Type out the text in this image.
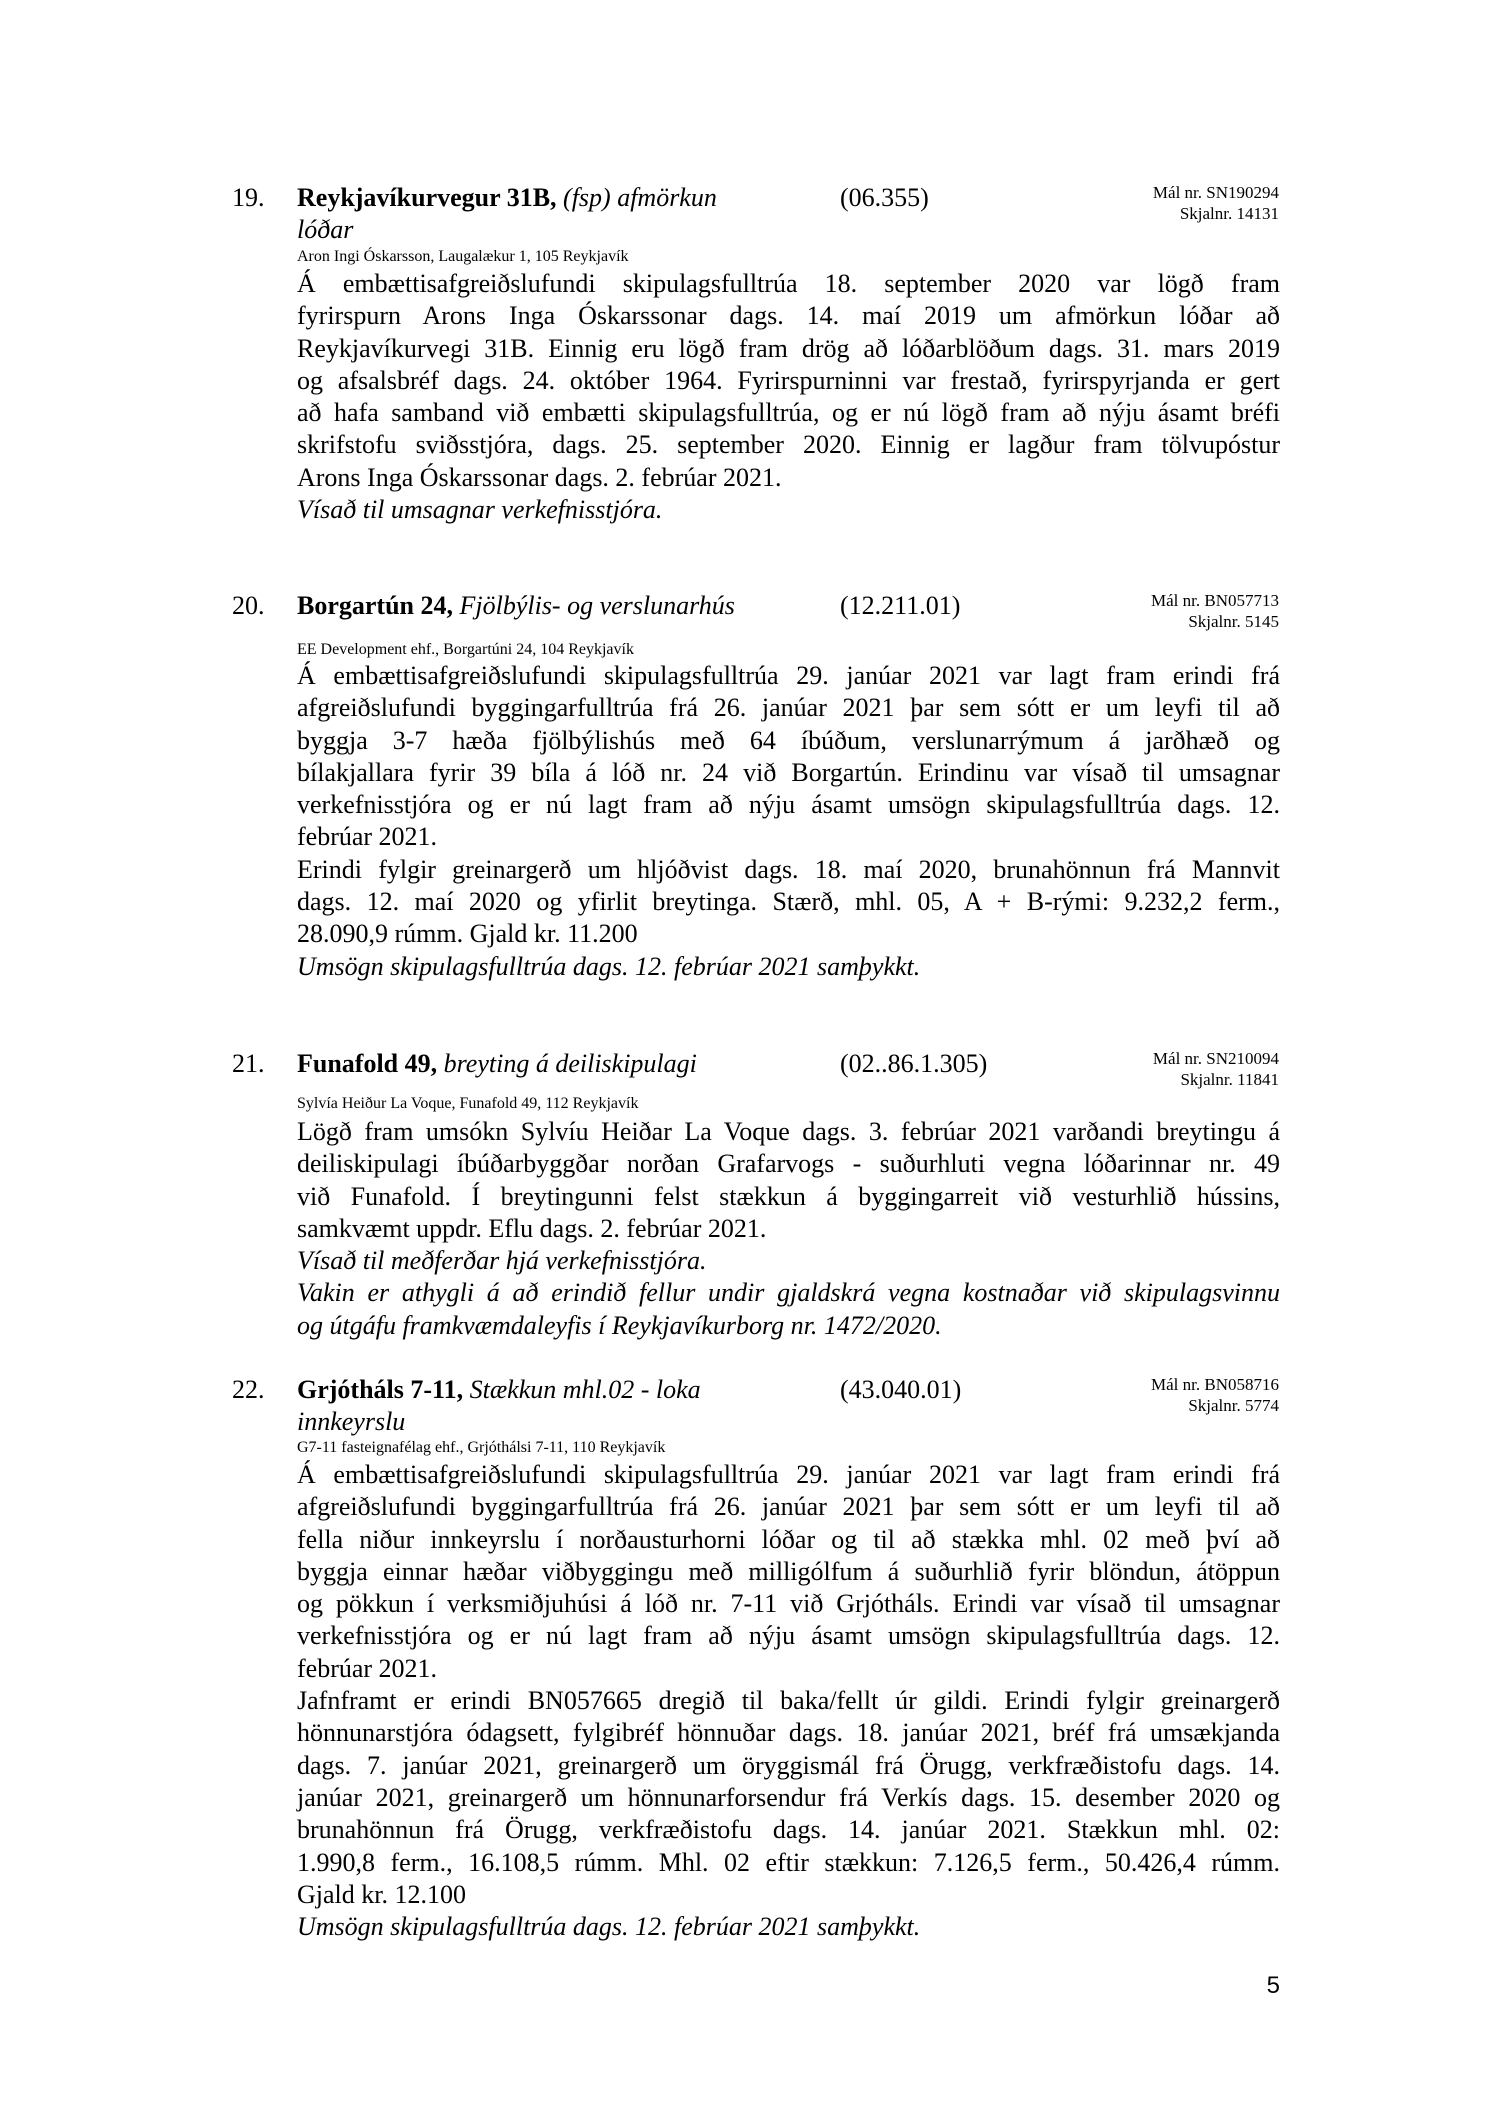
19. Reykjavíkurvegur 31B, (fsp) afmörkun lóðar
(06.355)	Mál nr. SN190294
Skjalnr. 14131
Aron Ingi Óskarsson, Laugalækur 1, 105 Reykjavík
Á embættisafgreiðslufundi skipulagsfulltrúa 18. september 2020 var lögð fram
fyrirspurn Arons Inga Óskarssonar dags. 14. maí 2019 um afmörkun lóðar að
Reykjavíkurvegi 31B. Einnig eru lögð fram drög að lóðarblöðum dags. 31. mars 2019
og afsalsbréf dags. 24. október 1964. Fyrirspurninni var frestað, fyrirspyrjanda er gert
að hafa samband við embætti skipulagsfulltrúa, og er nú lögð fram að nýju ásamt bréfi
skrifstofu sviðsstjóra, dags. 25. september 2020. Einnig er lagður fram tölvupóstur
Arons Inga Óskarssonar dags. 2. febrúar 2021.
Vísað til umsagnar verkefnisstjóra.
20. Borgartún 24, Fjölbýlis- og verslunarhús	(12.211.01)	Mál nr. BN057713
Skjalnr. 5145
EE Development ehf., Borgartúni 24, 104 Reykjavík
Á embættisafgreiðslufundi skipulagsfulltrúa 29. janúar 2021 var lagt fram erindi frá
afgreiðslufundi byggingarfulltrúa frá 26. janúar 2021 þar sem sótt er um leyfi til að
byggja 3-7 hæða fjölbýlishús með 64 íbúðum, verslunarrýmum á jarðhæð og
bílakjallara fyrir 39 bíla á lóð nr. 24 við Borgartún. Erindinu var vísað til umsagnar
verkefnisstjóra og er nú lagt fram að nýju ásamt umsögn skipulagsfulltrúa dags. 12.
febrúar 2021.
Erindi fylgir greinargerð um hljóðvist dags. 18. maí 2020, brunahönnun frá Mannvit
dags. 12. maí 2020 og yfirlit breytinga. Stærð, mhl. 05, A + B-rými: 9.232,2 ferm.,
28.090,9 rúmm. Gjald kr. 11.200
Umsögn skipulagsfulltrúa dags. 12. febrúar 2021 samþykkt.
21. Funafold 49, breyting á deiliskipulagi	(02..86.1.305)	Mál nr. SN210094
Skjalnr. 11841
Sylvía Heiður La Voque, Funafold 49, 112 Reykjavík
Lögð fram umsókn Sylvíu Heiðar La Voque dags. 3. febrúar 2021 varðandi breytingu á
deiliskipulagi íbúðarbyggðar norðan Grafarvogs - suðurhluti vegna lóðarinnar nr. 49
við Funafold. Í breytingunni felst stækkun á byggingarreit við vesturhlið hússins,
samkvæmt uppdr. Eflu dags. 2. febrúar 2021.
Vísað til meðferðar hjá verkefnisstjóra.
Vakin er athygli á að erindið fellur undir gjaldskrá vegna kostnaðar við skipulagsvinnu
og útgáfu framkvæmdaleyfis í Reykjavíkurborg nr. 1472/2020.
22. Grjótháls 7-11, Stækkun mhl.02 - loka innkeyrslu
(43.040.01)	Mál nr. BN058716
Skjalnr. 5774
G7-11 fasteignafélag ehf., Grjóthálsi 7-11, 110 Reykjavík
Á embættisafgreiðslufundi skipulagsfulltrúa 29. janúar 2021 var lagt fram erindi frá
afgreiðslufundi byggingarfulltrúa frá 26. janúar 2021 þar sem sótt er um leyfi til að
fella niður innkeyrslu í norðausturhorni lóðar og til að stækka mhl. 02 með því að
byggja einnar hæðar viðbyggingu með milligólfum á suðurhlið fyrir blöndun, átöppun
og pökkun í verksmiðjuhúsi á lóð nr. 7-11 við Grjótháls. Erindi var vísað til umsagnar
verkefnisstjóra og er nú lagt fram að nýju ásamt umsögn skipulagsfulltrúa dags. 12.
febrúar 2021.
Jafnframt er erindi BN057665 dregið til baka/fellt úr gildi. Erindi fylgir greinargerð
hönnunarstjóra ódagsett, fylgibréf hönnuðar dags. 18. janúar 2021, bréf frá umsækjanda
dags. 7. janúar 2021, greinargerð um öryggismál frá Örugg, verkfræðistofu dags. 14.
janúar 2021, greinargerð um hönnunarforsendur frá Verkís dags. 15. desember 2020 og
brunahönnun frá Örugg, verkfræðistofu dags. 14. janúar 2021. Stækkun mhl. 02:
1.990,8 ferm., 16.108,5 rúmm. Mhl. 02 eftir stækkun: 7.126,5 ferm., 50.426,4 rúmm.
Gjald kr. 12.100
Umsögn skipulagsfulltrúa dags. 12. febrúar 2021 samþykkt.
5
